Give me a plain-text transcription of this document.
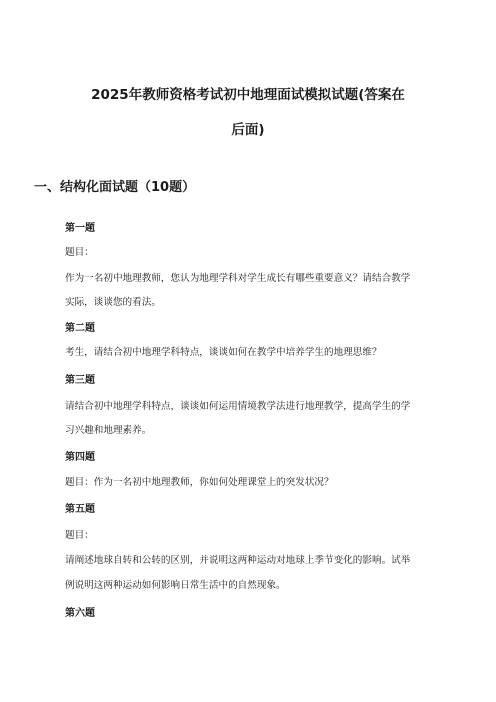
2025年教师资格考试初中地理面试模拟试题(答案在
后面)
一、结构化面试题（10题）
第一题
题目：
作为一名初中地理教师，您认为地理学科对学生成长有哪些重要意义？请结合教学
实际，谈谈您的看法。
第二题
考生，请结合初中地理学科特点，谈谈如何在教学中培养学生的地理思维？
第三题
请结合初中地理学科特点，谈谈如何运用情境教学法进行地理教学，提高学生的学
习兴趣和地理素养。
第四题
题目：作为一名初中地理教师，你如何处理课堂上的突发状况？
第五题
题目：
请阐述地球自转和公转的区别，并说明这两种运动对地球上季节变化的影响。试举
例说明这两种运动如何影响日常生活中的自然现象。
第六题
